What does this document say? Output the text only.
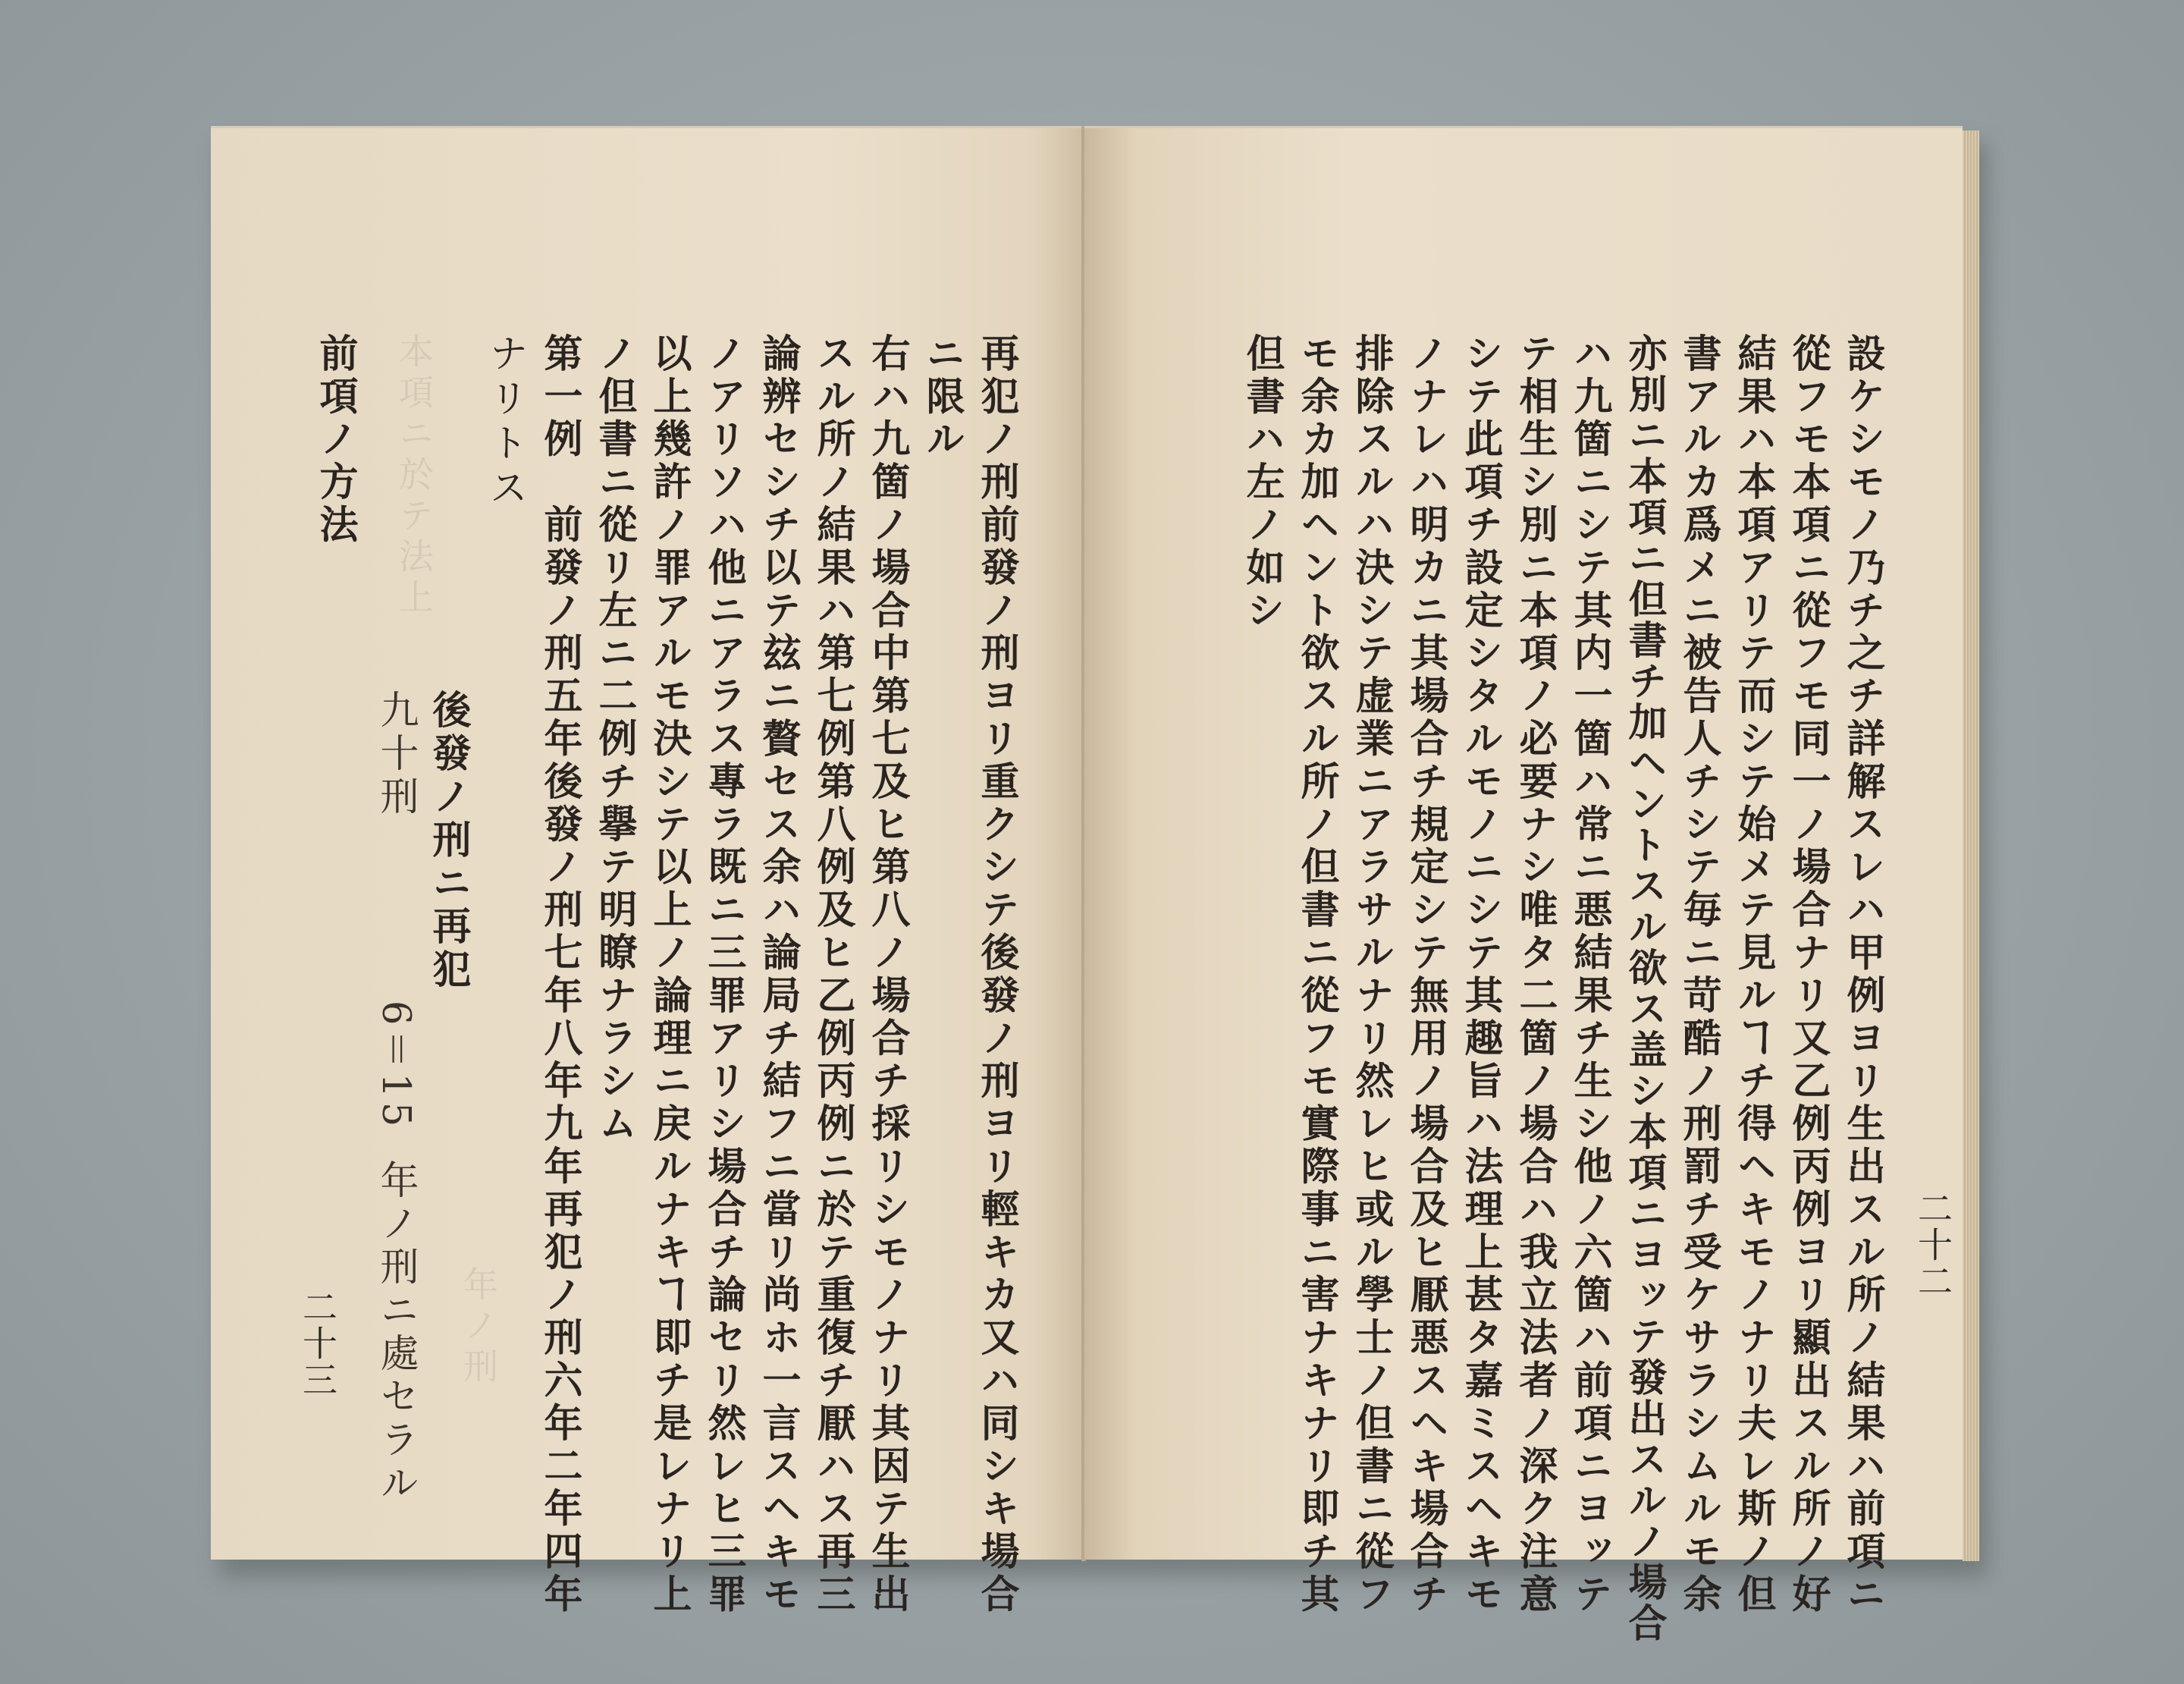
本項ニ於テ法上
年ノ刑	再犯ノ刑前發ノ刑ヨリ重クシテ後發ノ刑ヨリ輕キカ又ハ同シキ場合
ニ限ル
右ハ九箇ノ場合中第七及ヒ第八ノ場合チ採リシモノナリ其因テ生出
スル所ノ結果ハ第七例第八例及ヒ乙例丙例ニ於テ重復チ厭ハス再三
論辨セシチ以テ玆ニ贅セス余ハ論局チ結フニ當リ尚ホ一言スヘキモ
ノアリソハ他ニアラス專ラ既ニ三罪アリシ場合チ論セリ然レヒ三罪
以上幾許ノ罪アルモ決シテ以上ノ論理ニ戻ルナキヿ即チ是レナリ上
ノ但書ニ從リ左ニ二例チ擧テ明瞭ナラシム
第一例　前發ノ刑五年後發ノ刑七年八年九年再犯ノ刑六年二年四年
ナリトス
後發ノ刑ニ再犯
九十刑
6＝15
年ノ刑ニ處セラル
前項ノ方法
二十三	設ケシモノ乃チ之チ詳解スレハ甲例ヨリ生出スル所ノ結果ハ前項ニ
從フモ本項ニ從フモ同一ノ場合ナリ又乙例丙例ヨリ顯出スル所ノ好
結果ハ本項アリテ而シテ始メテ見ルヿチ得ヘキモノナリ夫レ斯ノ但
書アルカ爲メニ被告人チシテ毎ニ苛酷ノ刑罰チ受ケサラシムルモ余
亦別ニ本項ニ但書チ加ヘントスル欲ス盖シ本項ニヨッテ發出スルノ場合
ハ九箇ニシテ其内一箇ハ常ニ悪結果チ生シ他ノ六箇ハ前項ニヨッテ
テ相生シ別ニ本項ノ必要ナシ唯タ二箇ノ場合ハ我立法者ノ深ク注意
シテ此項チ設定シタルモノニシテ其趣旨ハ法理上甚タ嘉ミスヘキモ
ノナレハ明カニ其場合チ規定シテ無用ノ場合及ヒ厭悪スヘキ場合チ
排除スルハ決シテ虚業ニアラサルナリ然レヒ或ル學士ノ但書ニ從フ
モ余カ加ヘント欲スル所ノ但書ニ從フモ實際事ニ害ナキナリ即チ其
但書ハ左ノ如シ
二十二
